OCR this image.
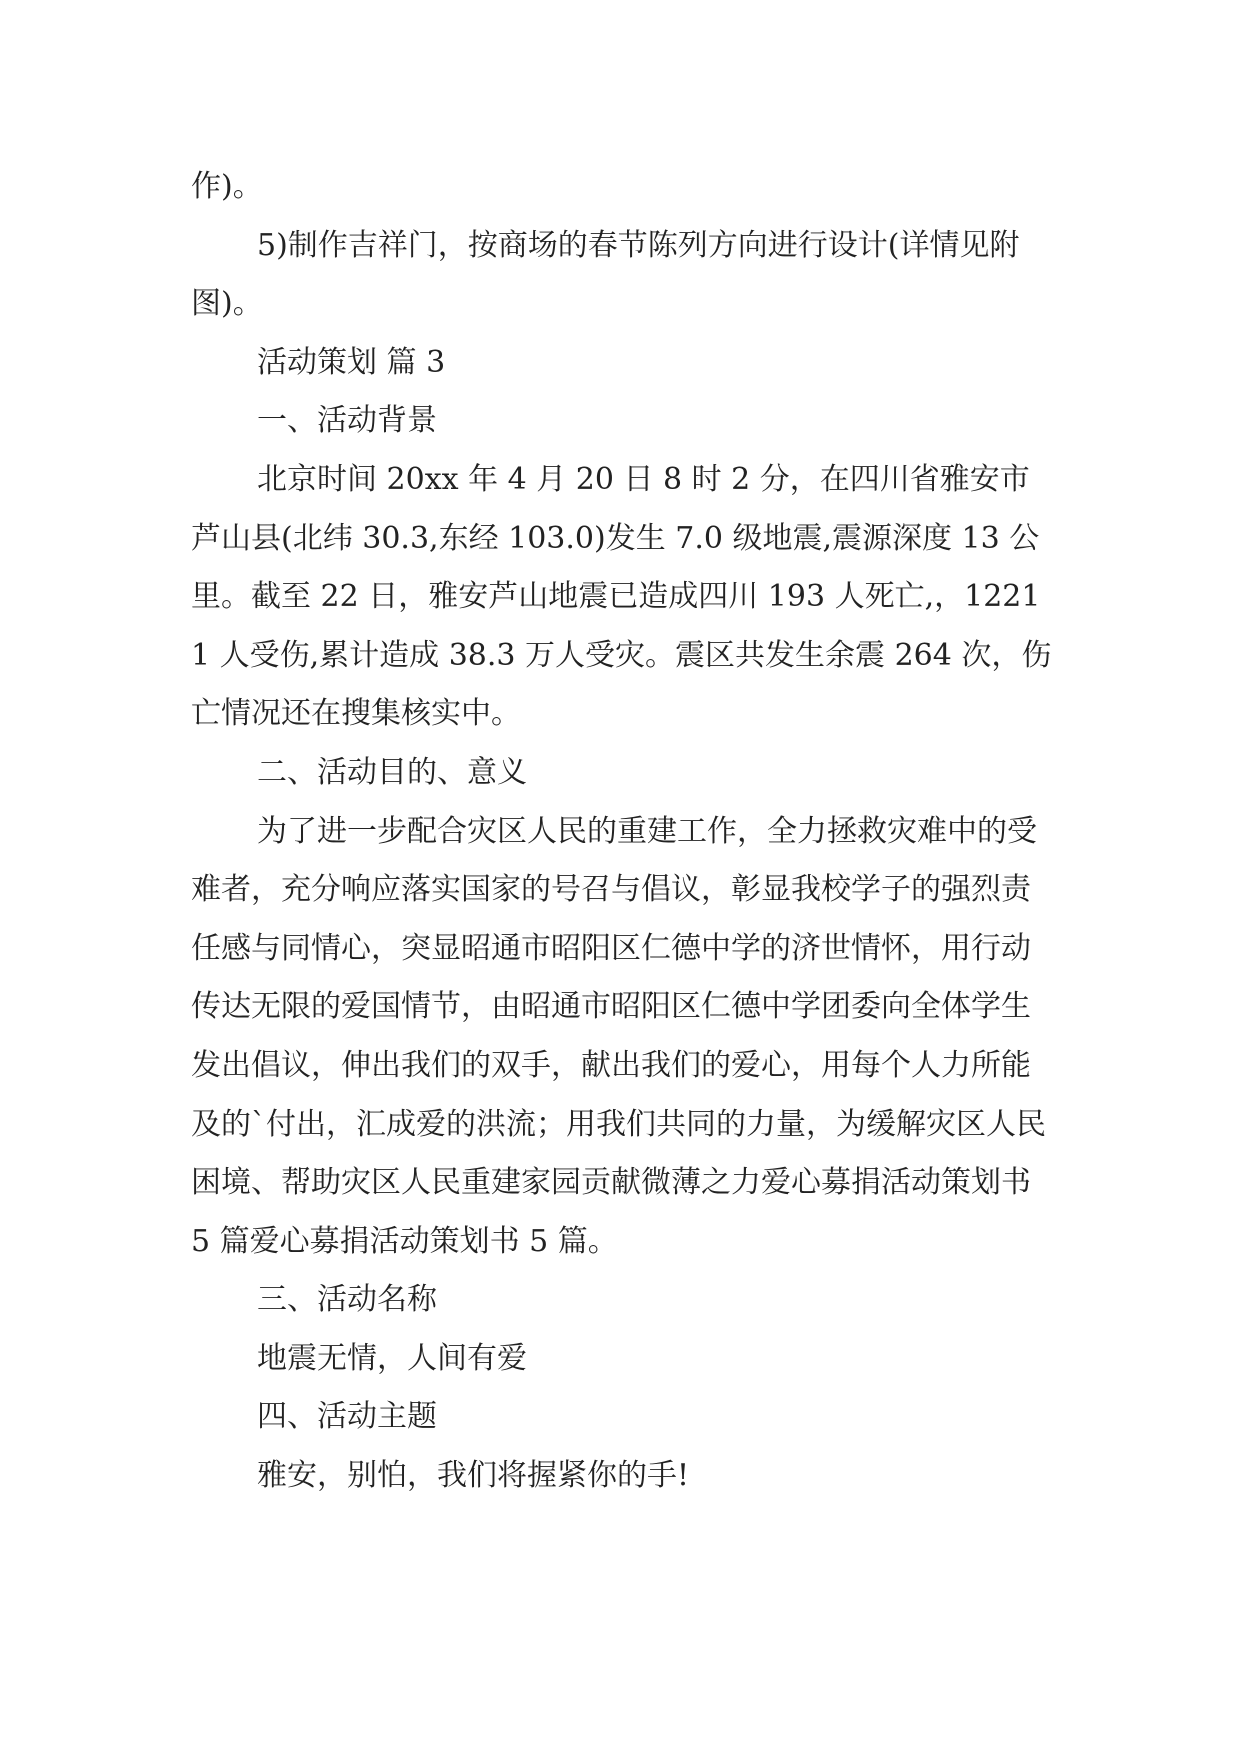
作)。

5)制作吉祥门，按商场的春节陈列方向进行设计(详情见附图)。

活动策划 篇 3

一、活动背景

北京时间 20xx 年 4 月 20 日 8 时 2 分，在四川省雅安市芦山县(北纬 30.3,东经 103.0)发生 7.0 级地震,震源深度 13 公里。截至 22 日，雅安芦山地震已造成四川 193 人死亡,，12211 人受伤,累计造成 38.3 万人受灾。震区共发生余震 264 次，伤亡情况还在搜集核实中。

二、活动目的、意义

为了进一步配合灾区人民的重建工作，全力拯救灾难中的受难者，充分响应落实国家的号召与倡议，彰显我校学子的强烈责任感与同情心，突显昭通市昭阳区仁德中学的济世情怀，用行动传达无限的爱国情节，由昭通市昭阳区仁德中学团委向全体学生发出倡议，伸出我们的双手，献出我们的爱心，用每个人力所能及的`付出，汇成爱的洪流；用我们共同的力量，为缓解灾区人民困境、帮助灾区人民重建家园贡献微薄之力爱心募捐活动策划书 5 篇爱心募捐活动策划书 5 篇。

三、活动名称

地震无情，人间有爱

四、活动主题

雅安，别怕，我们将握紧你的手!
